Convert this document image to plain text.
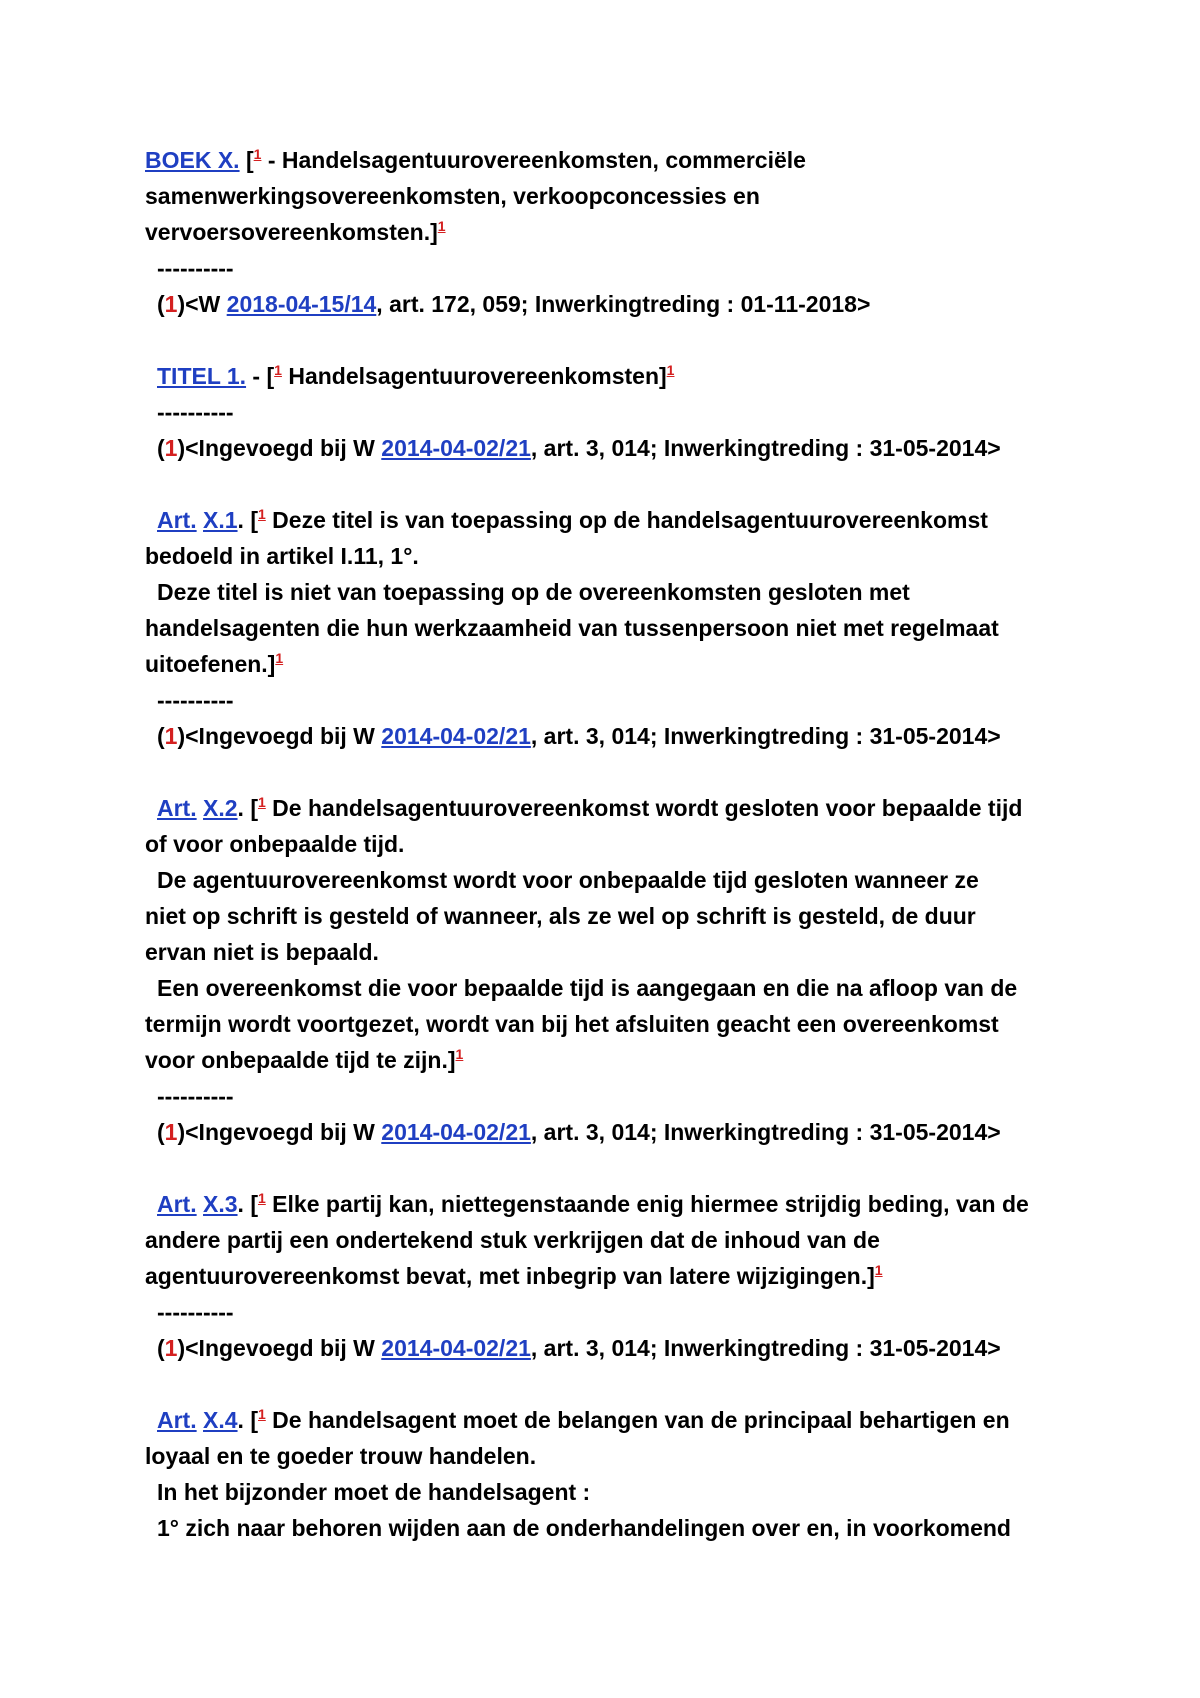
BOEK X. [$^1$ - Handelsagentuurovereenkomsten, commerciële

samenwerkingsovereenkomsten, verkoopconcessies en

vervoersovereenkomsten.]$^1$

----------

(1)<W 2018-04-15/14, art. 172, 059; Inwerkingtreding : 01-11-2018>

TITEL 1. - [$^1$ Handelsagentuurovereenkomsten]$^1$

----------

(1)<Ingevoegd bij W 2014-04-02/21, art. 3, 014; Inwerkingtreding : 31-05-2014>

Art. X.1. [$^1$ Deze titel is van toepassing op de handelsagentuurovereenkomst

bedoeld in artikel I.11, 1°.

Deze titel is niet van toepassing op de overeenkomsten gesloten met

handelsagenten die hun werkzaamheid van tussenpersoon niet met regelmaat

uitoefenen.]$^1$

----------

(1)<Ingevoegd bij W 2014-04-02/21, art. 3, 014; Inwerkingtreding : 31-05-2014>

Art. X.2. [$^1$ De handelsagentuurovereenkomst wordt gesloten voor bepaalde tijd

of voor onbepaalde tijd.

De agentuurovereenkomst wordt voor onbepaalde tijd gesloten wanneer ze

niet op schrift is gesteld of wanneer, als ze wel op schrift is gesteld, de duur

ervan niet is bepaald.

Een overeenkomst die voor bepaalde tijd is aangegaan en die na afloop van de

termijn wordt voortgezet, wordt van bij het afsluiten geacht een overeenkomst

voor onbepaalde tijd te zijn.]$^1$

----------

(1)<Ingevoegd bij W 2014-04-02/21, art. 3, 014; Inwerkingtreding : 31-05-2014>

Art. X.3. [$^1$ Elke partij kan, niettegenstaande enig hiermee strijdig beding, van de

andere partij een ondertekend stuk verkrijgen dat de inhoud van de

agentuurovereenkomst bevat, met inbegrip van latere wijzigingen.]$^1$

----------

(1)<Ingevoegd bij W 2014-04-02/21, art. 3, 014; Inwerkingtreding : 31-05-2014>

Art. X.4. [$^1$ De handelsagent moet de belangen van de principaal behartigen en

loyaal en te goeder trouw handelen.

In het bijzonder moet de handelsagent :

1° zich naar behoren wijden aan de onderhandelingen over en, in voorkomend
